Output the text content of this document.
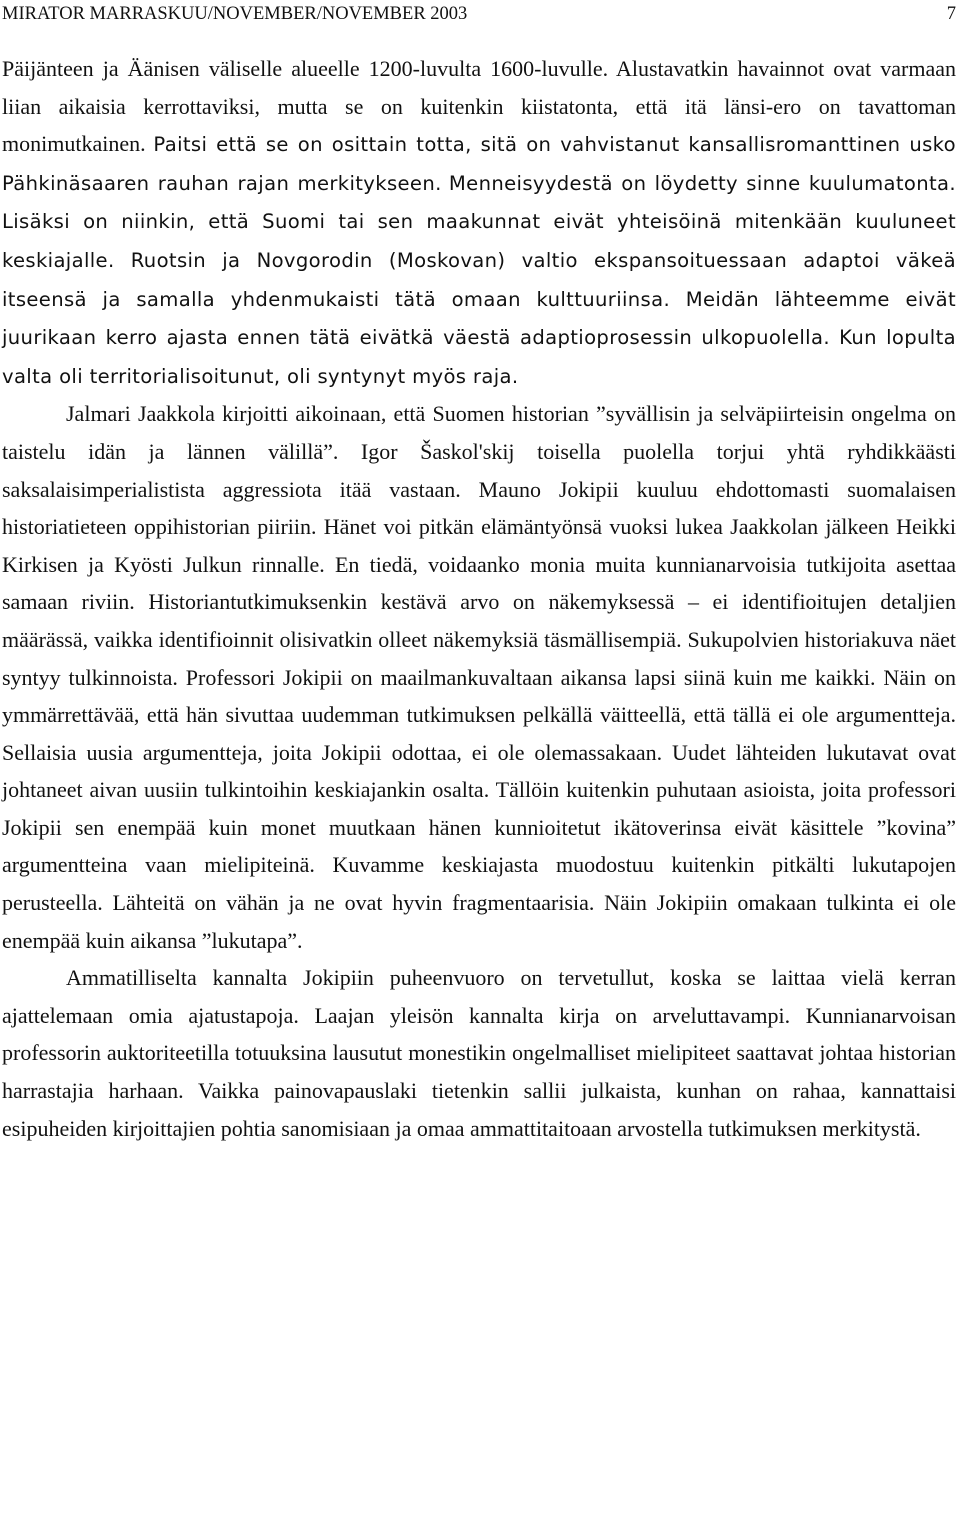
MIRATOR MARRASKUU/NOVEMBER/NOVEMBER 2003	7

Päijänteen ja Äänisen väliselle alueelle 1200-luvulta 1600-luvulle. Alustavatkin havainnot ovat varmaan liian aikaisia kerrottaviksi, mutta se on kuitenkin kiistatonta, että itä länsi-ero on tavattoman monimutkainen. Paitsi että se on osittain totta, sitä on vahvistanut kansallisromanttinen usko Pähkinäsaaren rauhan rajan merkitykseen. Menneisyydestä on löydetty sinne kuulumatonta. Lisäksi on niinkin, että Suomi tai sen maakunnat eivät yhteisöinä mitenkään kuuluneet keskiajalle. Ruotsin ja Novgorodin (Moskovan) valtio ekspansoituessaan adaptoi väkeä itseensä ja samalla yhdenmukaisti tätä omaan kulttuuriinsa. Meidän lähteemme eivät juurikaan kerro ajasta ennen tätä eivätkä väestä adaptioprosessin ulkopuolella. Kun lopulta valta oli territorialisoitunut, oli syntynyt myös raja.

Jalmari Jaakkola kirjoitti aikoinaan, että Suomen historian ”syvällisin ja selväpiirteisin ongelma on taistelu idän ja lännen välillä”. Igor Šaskol'skij toisella puolella torjui yhtä ryhdikkäästi saksalaisimperialistista aggressiota itää vastaan. Mauno Jokipii kuuluu ehdottomasti suomalaisen historiatieteen oppihistorian piiriin. Hänet voi pitkän elämäntyönsä vuoksi lukea Jaakkolan jälkeen Heikki Kirkisen ja Kyösti Julkun rinnalle. En tiedä, voidaanko monia muita kunnianarvoisia tutkijoita asettaa samaan riviin. Historiantutkimuksenkin kestävä arvo on näkemyksessä – ei identifioitujen detaljien määrässä, vaikka identifioinnit olisivatkin olleet näkemyksiä täsmällisempiä. Sukupolvien historiakuva näet syntyy tulkinnoista. Professori Jokipii on maailmankuvaltaan aikansa lapsi siinä kuin me kaikki. Näin on ymmärrettävää, että hän sivuttaa uudemman tutkimuksen pelkällä väitteellä, että tällä ei ole argumentteja. Sellaisia uusia argumentteja, joita Jokipii odottaa, ei ole olemassakaan. Uudet lähteiden lukutavat ovat johtaneet aivan uusiin tulkintoihin keskiajankin osalta. Tällöin kuitenkin puhutaan asioista, joita professori Jokipii sen enempää kuin monet muutkaan hänen kunnioitetut ikätoverinsa eivät käsittele ”kovina” argumentteina vaan mielipiteinä. Kuvamme keskiajasta muodostuu kuitenkin pitkälti lukutapojen perusteella. Lähteitä on vähän ja ne ovat hyvin fragmentaarisia. Näin Jokipiin omakaan tulkinta ei ole enempää kuin aikansa ”lukutapa”.

Ammatilliselta kannalta Jokipiin puheenvuoro on tervetullut, koska se laittaa vielä kerran ajattelemaan omia ajatustapoja. Laajan yleisön kannalta kirja on arveluttavampi. Kunnianarvoisan professorin auktoriteetilla totuuksina lausutut monestikin ongelmalliset mielipiteet saattavat johtaa historian harrastajia harhaan. Vaikka painovapauslaki tietenkin sallii julkaista, kunhan on rahaa, kannattaisi esipuheiden kirjoittajien pohtia sanomisiaan ja omaa ammattitaitoaan arvostella tutkimuksen merkitystä.
